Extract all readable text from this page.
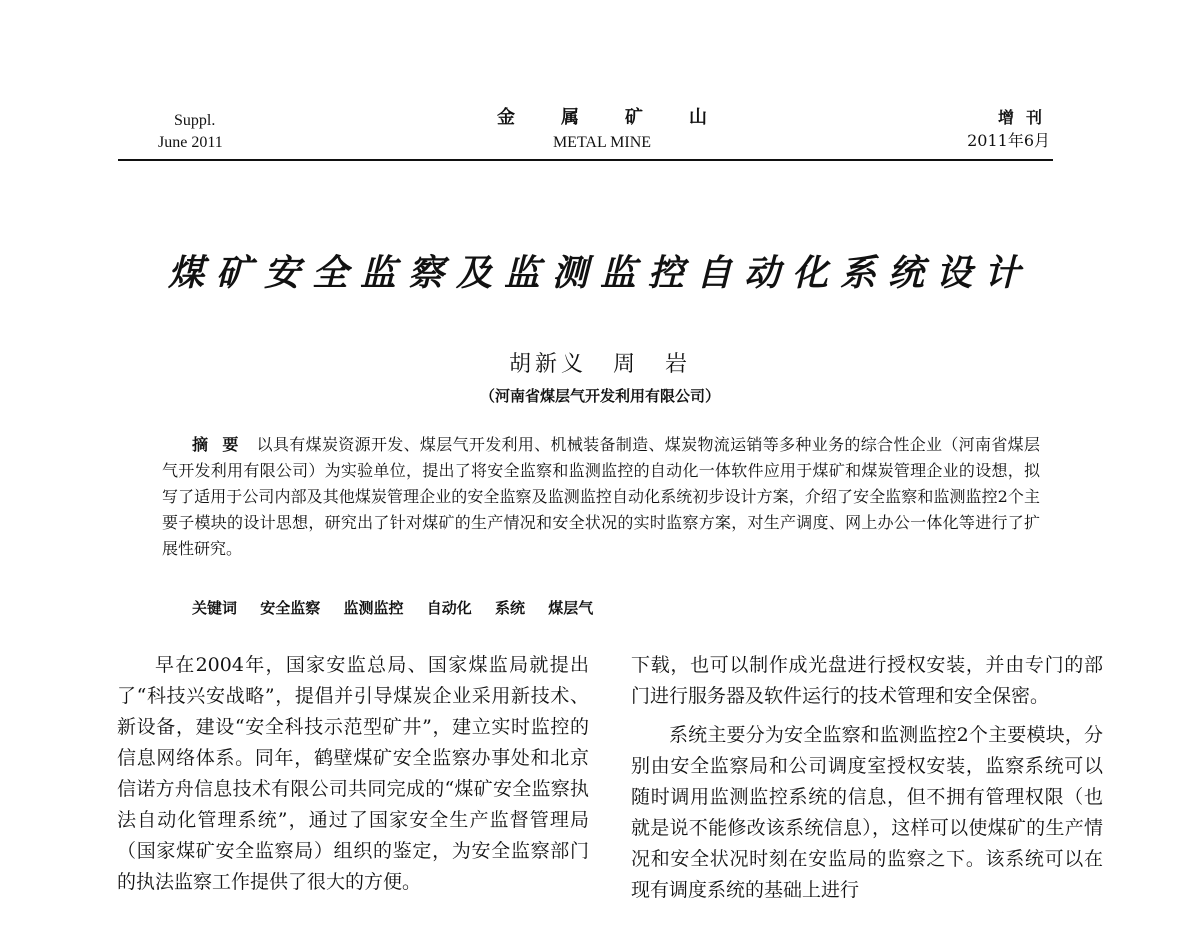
Suppl.
June 2011
金属矿山
METAL MINE
增刊
2011年6月
煤矿安全监察及监测监控自动化系统设计
胡新义　周　岩
（河南省煤层气开发利用有限公司）
摘要 以具有煤炭资源开发、煤层气开发利用、机械装备制造、煤炭物流运销等多种业务的综合性企业（河南省煤层气开发利用有限公司）为实验单位，提出了将安全监察和监测监控的自动化一体软件应用于煤矿和煤炭管理企业的设想，拟写了适用于公司内部及其他煤炭管理企业的安全监察及监测监控自动化系统初步设计方案，介绍了安全监察和监测监控2个主要子模块的设计思想，研究出了针对煤矿的生产情况和安全状况的实时监察方案，对生产调度、网上办公一体化等进行了扩展性研究。
关键词 安全监察 监测监控 自动化 系统 煤层气

早在2004年，国家安监总局、国家煤监局就提出了“科技兴安战略”，提倡并引导煤炭企业采用新技术、新设备，建设“安全科技示范型矿井”，建立实时监控的信息网络体系。同年，鹤壁煤矿安全监察办事处和北京信诺方舟信息技术有限公司共同完成的“煤矿安全监察执法自动化管理系统”，通过了国家安全生产监督管理局（国家煤矿安全监察局）组织的鉴定，为安全监察部门的执法监察工作提供了很大的方便。

下载，也可以制作成光盘进行授权安装，并由专门的部门进行服务器及软件运行的技术管理和安全保密。

系统主要分为安全监察和监测监控2个主要模块，分别由安全监察局和公司调度室授权安装，监察系统可以随时调用监测监控系统的信息，但不拥有管理权限（也就是说不能修改该系统信息），这样可以使煤矿的生产情况和安全状况时刻在安监局的监察之下。该系统可以在现有调度系统的基础上进行
